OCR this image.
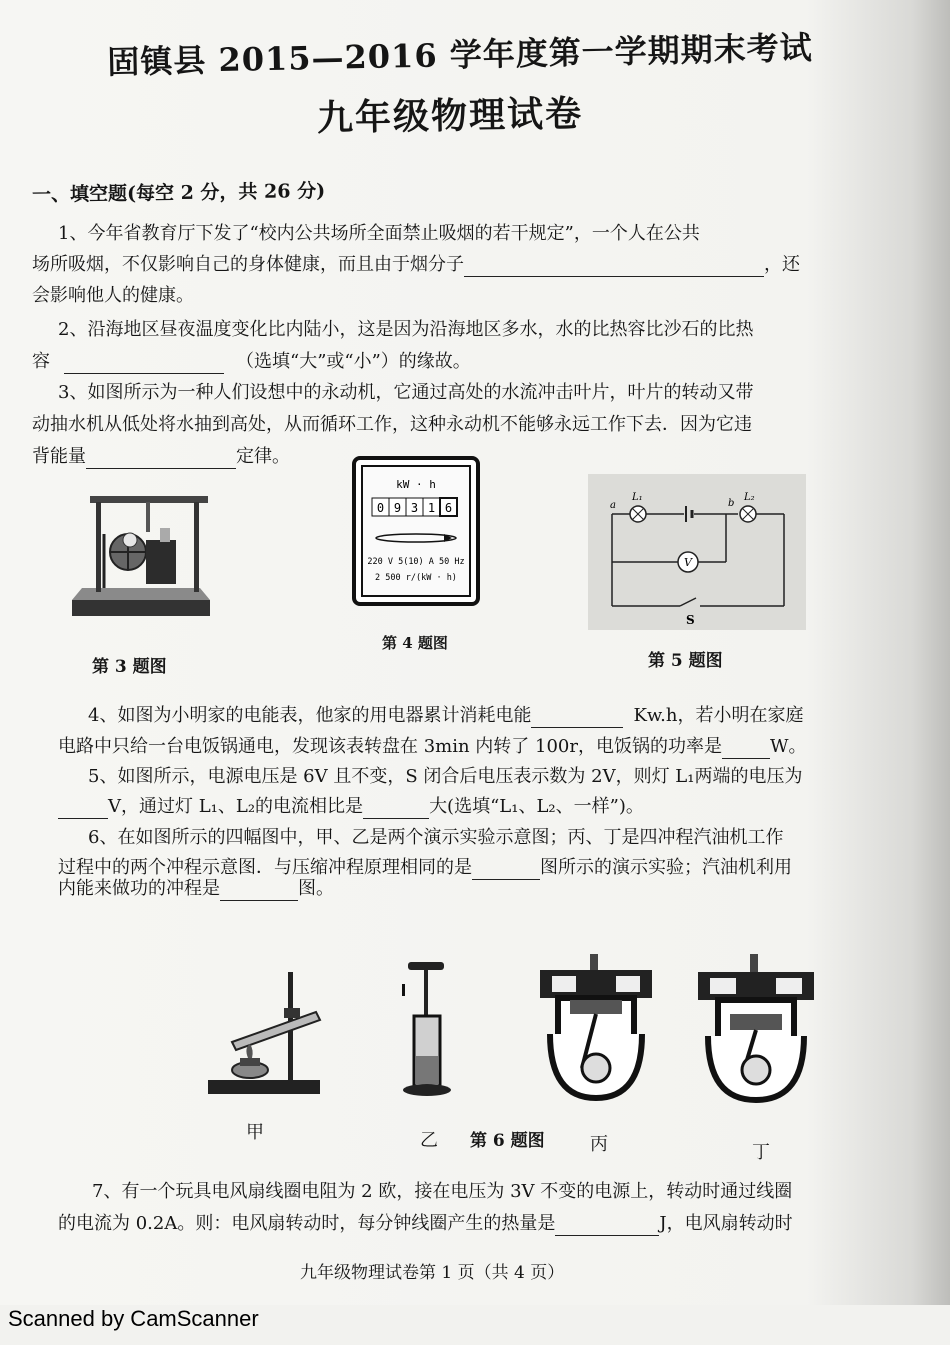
固镇县 2015—2016 学年度第一学期期末考试
九年级物理试卷
一、填空题(每空 2 分，共 26 分)
1、今年省教育厅下发了“校内公共场所全面禁止吸烟的若干规定”，一个人在公共
场所吸烟，不仅影响自己的身体健康，而且由于烟分子	，还
会影响他人的健康。
2、沿海地区昼夜温度变化比内陆小，这是因为沿海地区多水，水的比热容比沙石的比热
容	（选填“大”或“小”）的缘故。
3、如图所示为一种人们设想中的永动机，它通过高处的水流冲击叶片，叶片的转动又带
动抽水机从低处将水抽到高处，从而循环工作，这种永动机不能够永远工作下去．因为它违
背能量	定律。
第 3 题图
kW · h
0 9 3 1 6
220 V 5(10) A 50 Hz
2 500 r/(kW · h)
第 4 题图
V
S
a
L₁
b
L₂
第 5 题图
4、如图为小明家的电能表，他家的用电器累计消耗电能	Kw.h，若小明在家庭
电路中只给一台电饭锅通电，发现该表转盘在 3min 内转了 100r，电饭锅的功率是	W。
5、如图所示，电源电压是 6V 且不变，S 闭合后电压表示数为 2V，则灯 L₁两端的电压为
V，通过灯 L₁、L₂的电流相比是	大(选填“L₁、L₂、一样”)。
6、在如图所示的四幅图中，甲、乙是两个演示实验示意图；丙、丁是四冲程汽油机工作
过程中的两个冲程示意图．与压缩冲程原理相同的是	图所示的演示实验；汽油机利用
内能来做功的冲程是	图。
甲	乙 第 6 题图	丙	丁
7、有一个玩具电风扇线圈电阻为 2 欧，接在电压为 3V 不变的电源上，转动时通过线圈
的电流为 0.2A。则：电风扇转动时，每分钟线圈产生的热量是	J，电风扇转动时
九年级物理试卷第 1 页（共 4 页）
Scanned by CamScanner
